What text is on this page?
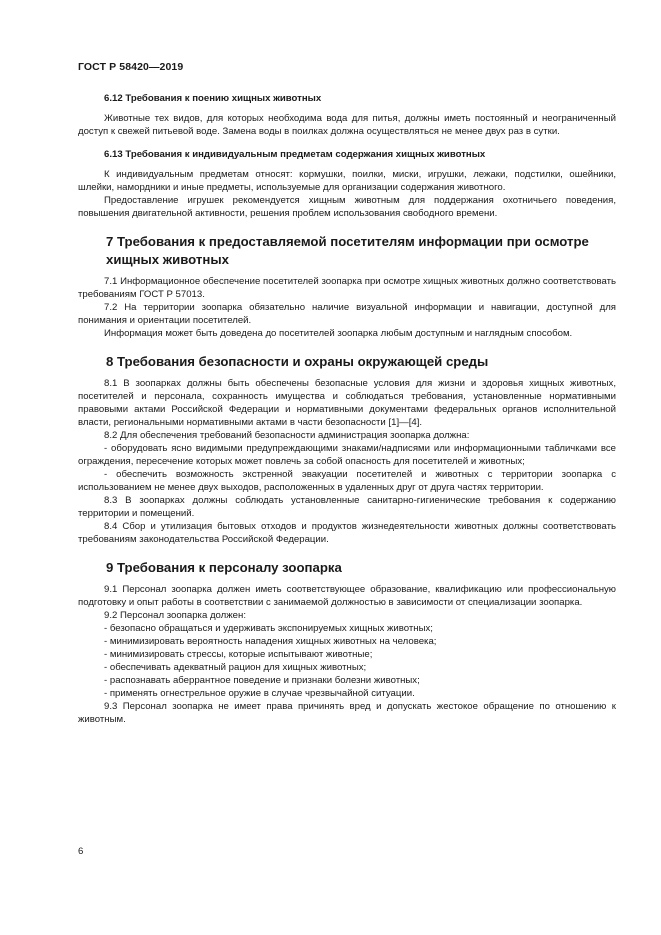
ГОСТ Р 58420—2019
6.12 Требования к поению хищных животных

Животные тех видов, для которых необходима вода для питья, должны иметь постоянный и неограниченный доступ к свежей питьевой воде. Замена воды в поилках должна осуществляться не менее двух раз в сутки.

6.13 Требования к индивидуальным предметам содержания хищных животных

К индивидуальным предметам относят: кормушки, поилки, миски, игрушки, лежаки, подстилки, ошейники, шлейки, намордники и иные предметы, используемые для организации содержания животного.

Предоставление игрушек рекомендуется хищным животным для поддержания охотничьего поведения, повышения двигательной активности, решения проблем использования свободного времени.

7 Требования к предоставляемой посетителям информации при осмотре
хищных животных

7.1 Информационное обеспечение посетителей зоопарка при осмотре хищных животных должно соответствовать требованиям ГОСТ Р 57013.

7.2 На территории зоопарка обязательно наличие визуальной информации и навигации, доступной для понимания и ориентации посетителей.

Информация может быть доведена до посетителей зоопарка любым доступным и наглядным способом.

8 Требования безопасности и охраны окружающей среды

8.1 В зоопарках должны быть обеспечены безопасные условия для жизни и здоровья хищных животных, посетителей и персонала, сохранность имущества и соблюдаться требования, установленные нормативными правовыми актами Российской Федерации и нормативными документами федеральных органов исполнительной власти, региональными нормативными актами в части безопасности [1]—[4].

8.2 Для обеспечения требований безопасности администрация зоопарка должна:

- оборудовать ясно видимыми предупреждающими знаками/надписями или информационными табличками все ограждения, пересечение которых может повлечь за собой опасность для посетителей и животных;

- обеспечить возможность экстренной эвакуации посетителей и животных с территории зоопарка с использованием не менее двух выходов, расположенных в удаленных друг от друга частях территории.

8.3 В зоопарках должны соблюдать установленные санитарно-гигиенические требования к содержанию территории и помещений.

8.4 Сбор и утилизация бытовых отходов и продуктов жизнедеятельности животных должны соответствовать требованиям законодательства Российской Федерации.

9 Требования к персоналу зоопарка

9.1 Персонал зоопарка должен иметь соответствующее образование, квалификацию или профессиональную подготовку и опыт работы в соответствии с занимаемой должностью в зависимости от специализации зоопарка.

9.2 Персонал зоопарка должен:

- безопасно обращаться и удерживать экспонируемых хищных животных;

- минимизировать вероятность нападения хищных животных на человека;

- минимизировать стрессы, которые испытывают животные;

- обеспечивать адекватный рацион для хищных животных;

- распознавать аберрантное поведение и признаки болезни животных;

- применять огнестрельное оружие в случае чрезвычайной ситуации.

9.3 Персонал зоопарка не имеет права причинять вред и допускать жестокое обращение по отношению к животным.

6
